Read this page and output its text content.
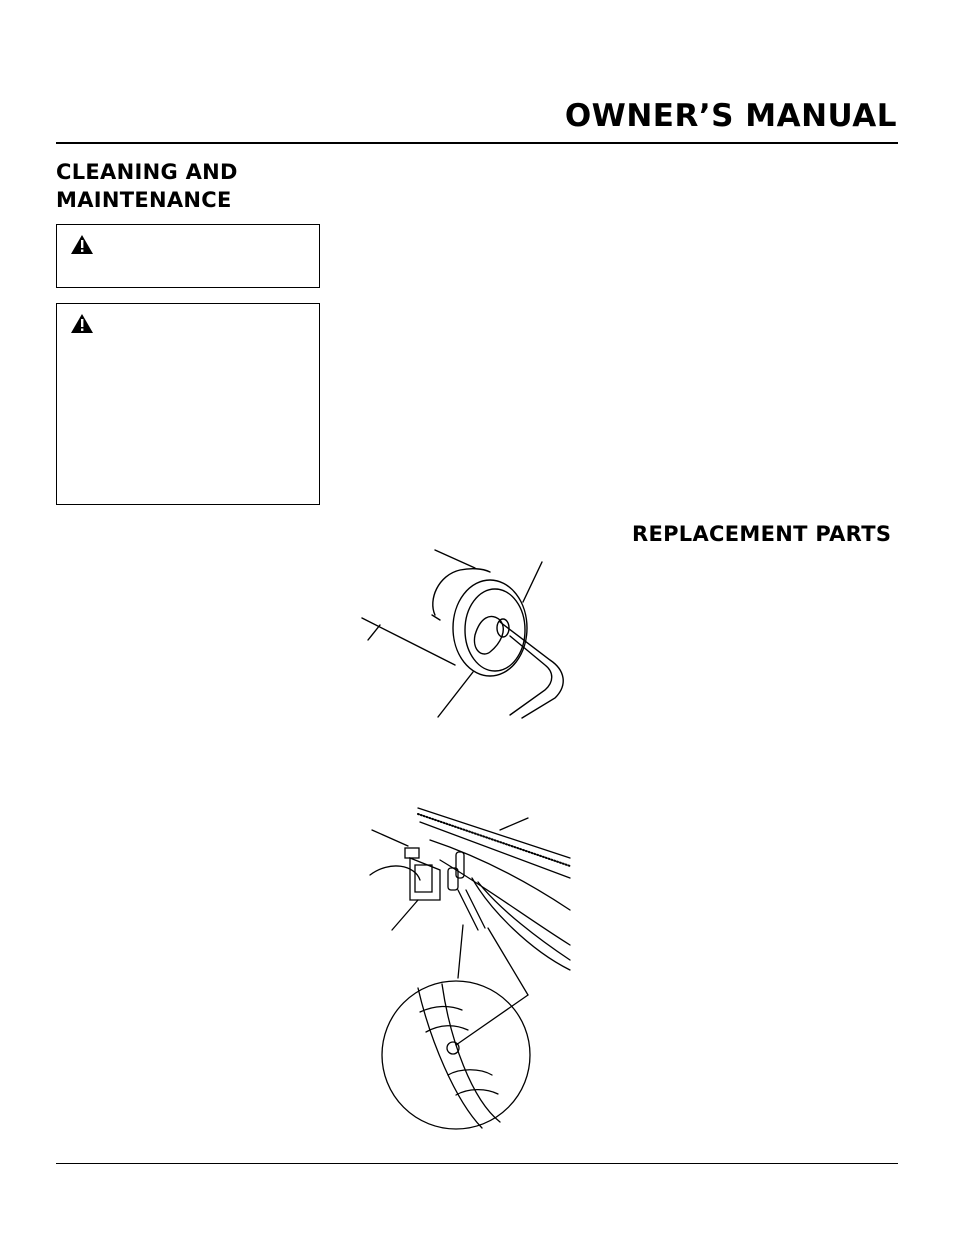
OWNER’S MANUAL
CLEANING AND MAINTENANCE
REPLACEMENT PARTS
